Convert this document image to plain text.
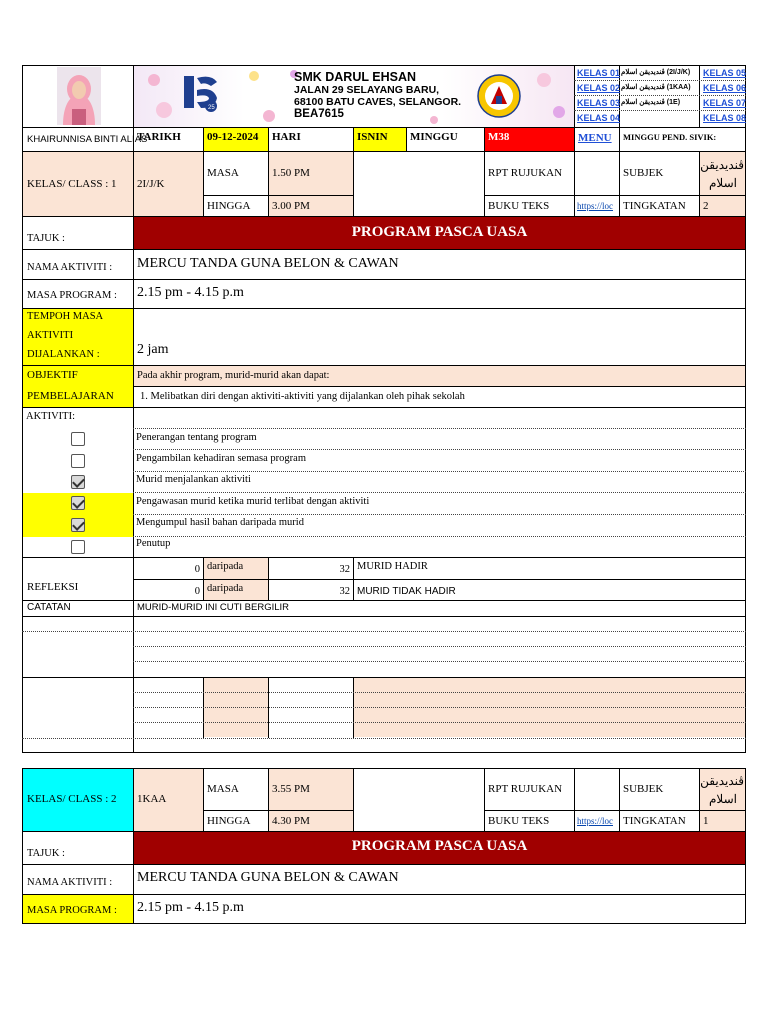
25
SMK DARUL EHSAN
JALAN 29 SELAYANG BARU,
68100 BATU CAVES, SELANGOR.
BEA7615
KELAS 01
KELAS 02
KELAS 03
KELAS 04
ڤنديديقن اسلام (2I/J/K)
ڤنديديقن اسلام (1KAA)
ڤنديديقن اسلام (1E)
KELAS 05
KELAS 06
KELAS 07
KELAS 08
KHAIRUNNISA BINTI ALIAS
TARIKH 09-12-2024 HARI	ISNIN MINGGU	M38	MENU MINGGU PEND. SIVIK:
KELAS/ CLASS : 1 2I/J/K
MASA	1.50 PM	RPT RUJUKAN	SUBJEK
ڤنديديقن اسلام
HINGGA 3.00 PM	BUKU TEKS	https://loc TINGKATAN 2
TAJUK :	PROGRAM PASCA UASA
NAMA AKTIVITI : MERCU TANDA GUNA BELON & CAWAN
MASA PROGRAM : 2.15 pm - 4.15 p.m
TEMPOH MASA
AKTIVITI
DIJALANKAN :	2 jam
OBJEKTIF
PEMBELAJARAN
Pada akhir program, murid-murid akan dapat:
1. Melibatkan diri dengan aktiviti-aktiviti yang dijalankan oleh pihak sekolah
AKTIVITI:
Penerangan tentang program
Pengambilan kehadiran semasa program
Murid menjalankan aktiviti
Pengawasan murid ketika murid terlibat dengan aktiviti
Mengumpul hasil bahan daripada murid
Penutup
REFLEKSI
0 daripada	32 MURID HADIR
0 daripada	32 MURID TIDAK HADIR
CATATAN	MURID-MURID INI CUTI BERGILIR
KELAS/ CLASS : 2 1KAA
MASA	3.55 PM	RPT RUJUKAN	SUBJEK
ڤنديديقن اسلام
HINGGA 4.30 PM	BUKU TEKS	https://loc TINGKATAN 1
TAJUK :	PROGRAM PASCA UASA
NAMA AKTIVITI : MERCU TANDA GUNA BELON & CAWAN
MASA PROGRAM : 2.15 pm - 4.15 p.m
